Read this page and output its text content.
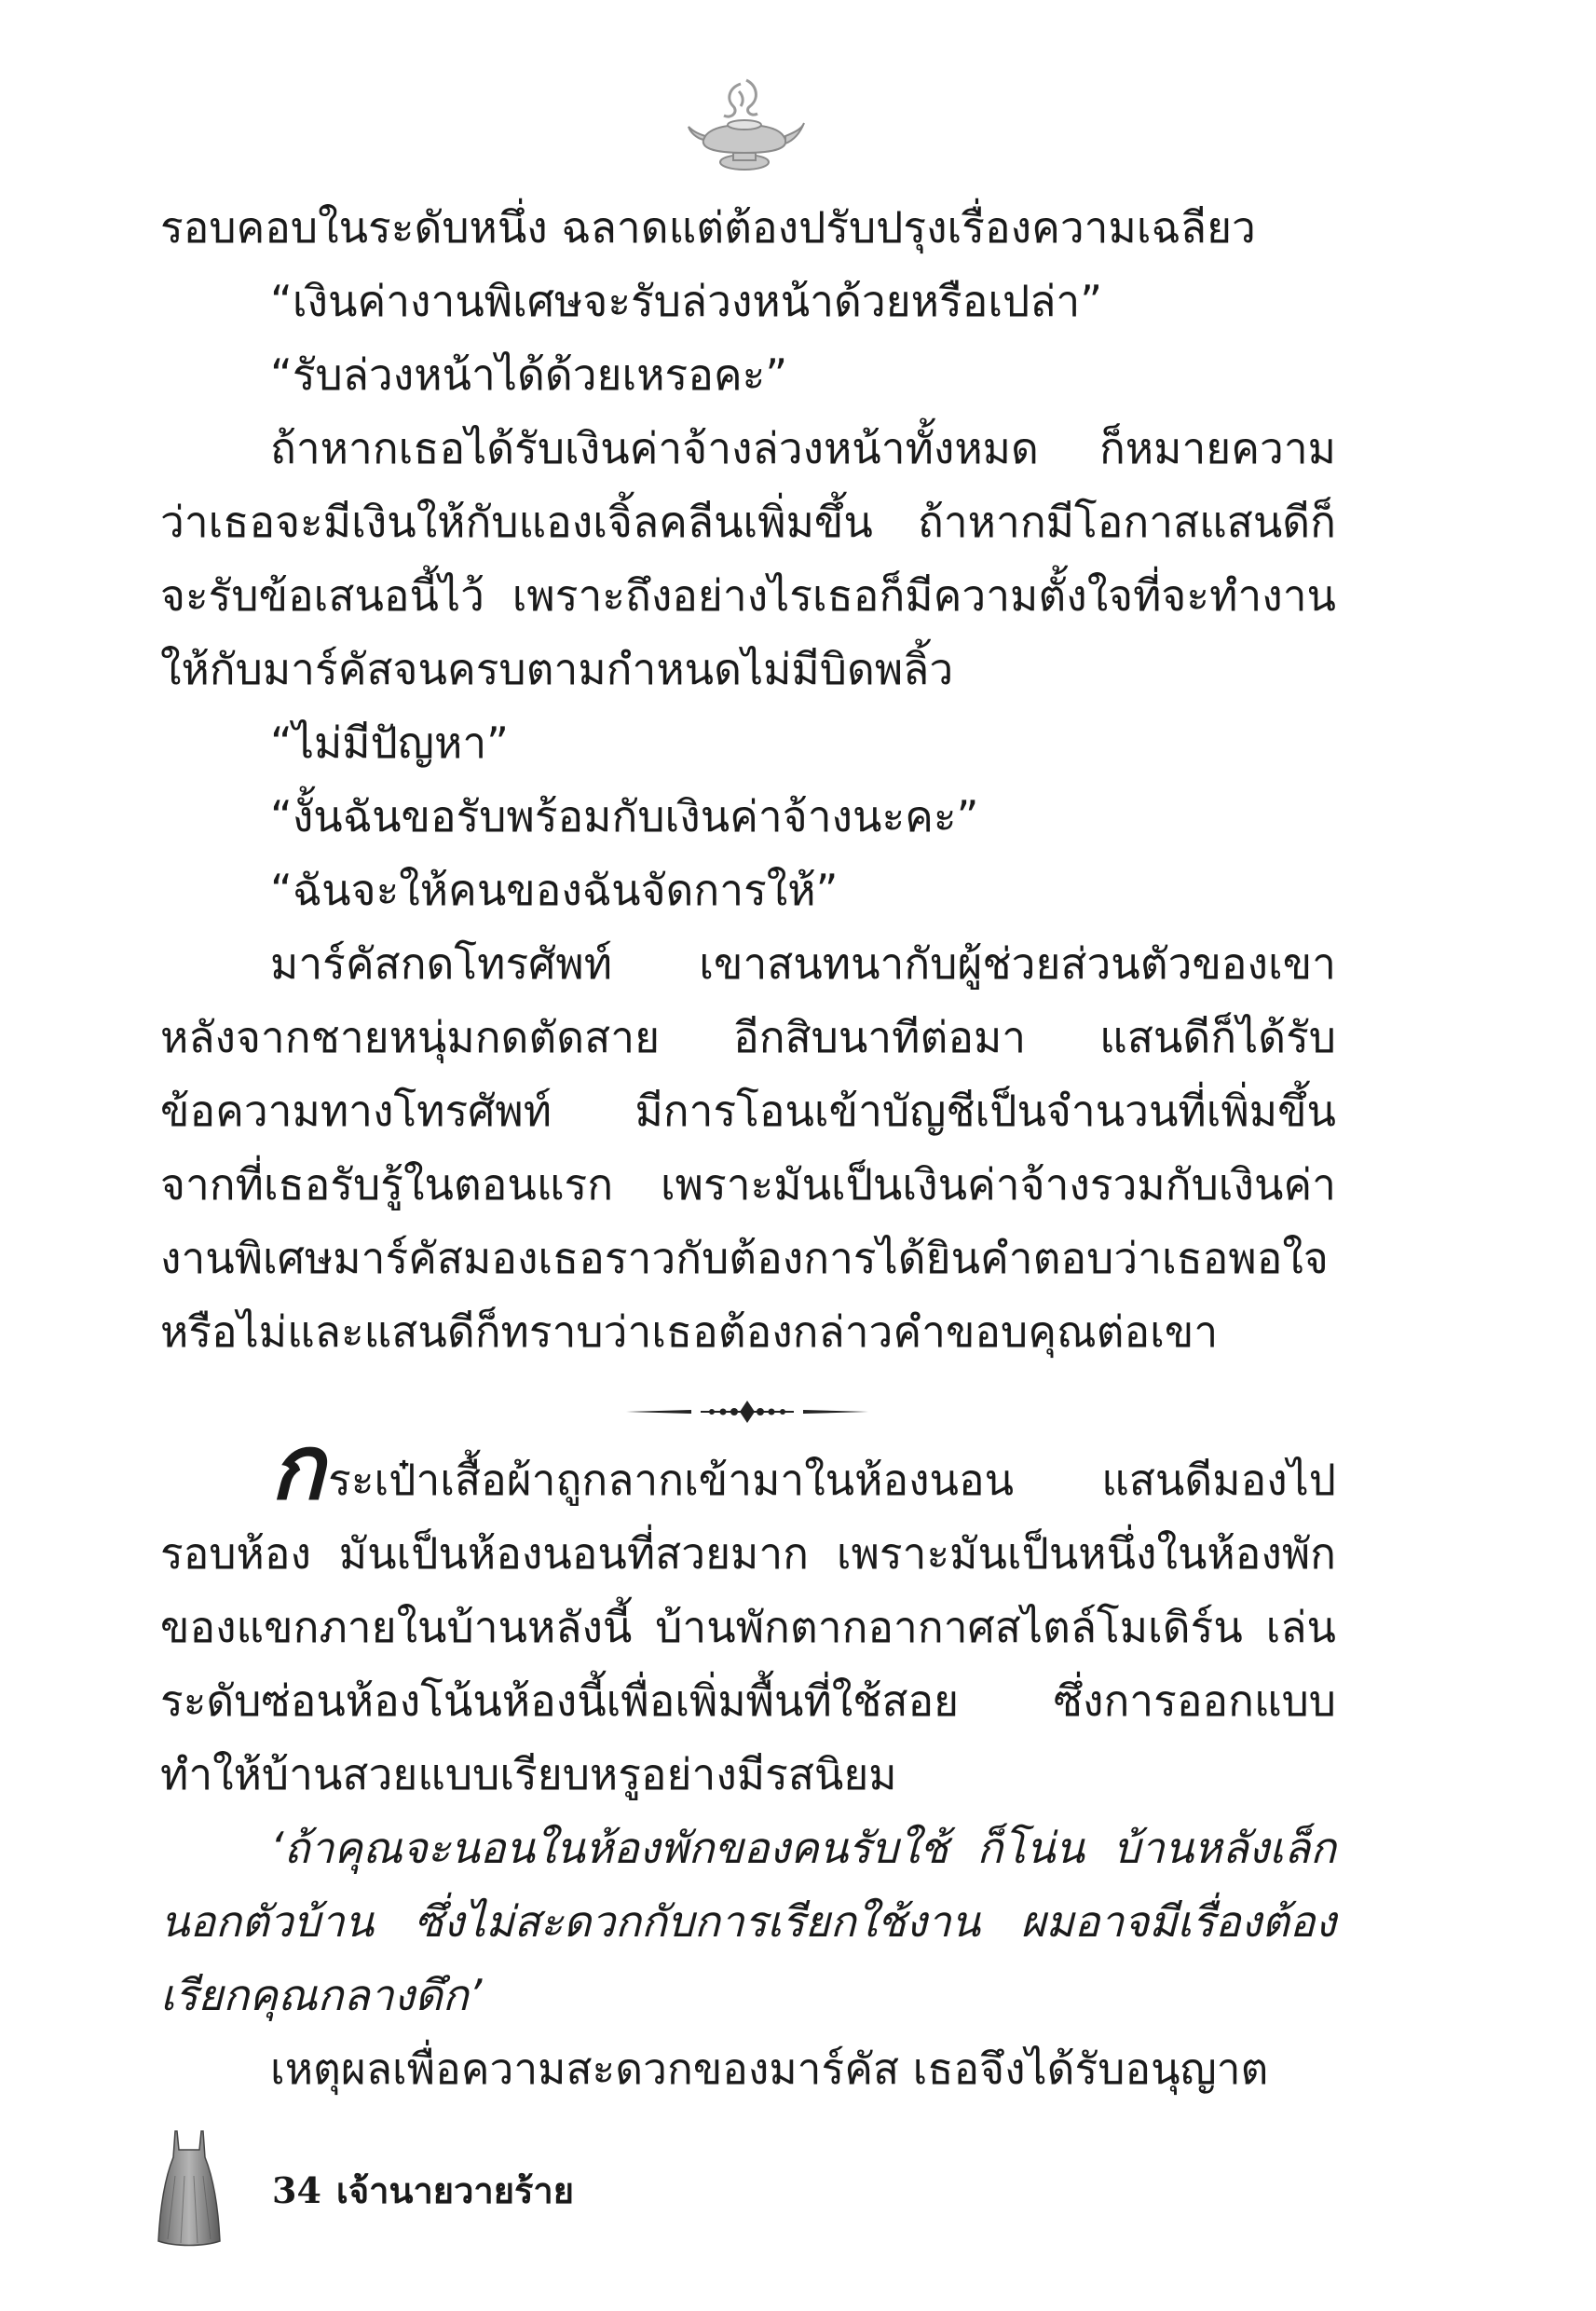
รอบคอบในระดับหนึ่ง ฉลาดแต่ต้องปรับปรุงเรื่องความเฉลียว

“เงินค่างานพิเศษจะรับล่วงหน้าด้วยหรือเปล่า”

“รับล่วงหน้าได้ด้วยเหรอคะ”

ถ้าหากเธอได้รับเงินค่าจ้างล่วงหน้าทั้งหมด ก็หมายความว่าเธอจะมีเงินให้กับแองเจิ้ลคลีนเพิ่มขึ้น ถ้าหากมีโอกาสแสนดีก็จะรับข้อเสนอนี้ไว้ เพราะถึงอย่างไรเธอก็มีความตั้งใจที่จะทำงานให้กับมาร์คัสจนครบตามกำหนดไม่มีบิดพลิ้ว

“ไม่มีปัญหา”

“งั้นฉันขอรับพร้อมกับเงินค่าจ้างนะคะ”

“ฉันจะให้คนของฉันจัดการให้”

มาร์คัสกดโทรศัพท์ เขาสนทนากับผู้ช่วยส่วนตัวของเขาหลังจากชายหนุ่มกดตัดสาย อีกสิบนาทีต่อมา แสนดีก็ได้รับข้อความทางโทรศัพท์ มีการโอนเข้าบัญชีเป็นจำนวนที่เพิ่มขึ้นจากที่เธอรับรู้ในตอนแรก เพราะมันเป็นเงินค่าจ้างรวมกับเงินค่างานพิเศษมาร์คัสมองเธอราวกับต้องการได้ยินคำตอบว่าเธอพอใจหรือไม่และแสนดีก็ทราบว่าเธอต้องกล่าวคำขอบคุณต่อเขา

กระเป๋าเสื้อผ้าถูกลากเข้ามาในห้องนอน แสนดีมองไปรอบห้อง มันเป็นห้องนอนที่สวยมาก เพราะมันเป็นหนึ่งในห้องพักของแขกภายในบ้านหลังนี้ บ้านพักตากอากาศสไตล์โมเดิร์น เล่นระดับซ่อนห้องโน้นห้องนี้เพื่อเพิ่มพื้นที่ใช้สอย ซึ่งการออกแบบทำให้บ้านสวยแบบเรียบหรูอย่างมีรสนิยม

‘ถ้าคุณจะนอนในห้องพักของคนรับใช้ ก็โน่น บ้านหลังเล็กนอกตัวบ้าน ซึ่งไม่สะดวกกับการเรียกใช้งาน ผมอาจมีเรื่องต้องเรียกคุณกลางดึก’

เหตุผลเพื่อความสะดวกของมาร์คัส เธอจึงได้รับอนุญาต

34 เจ้านายวายร้าย
